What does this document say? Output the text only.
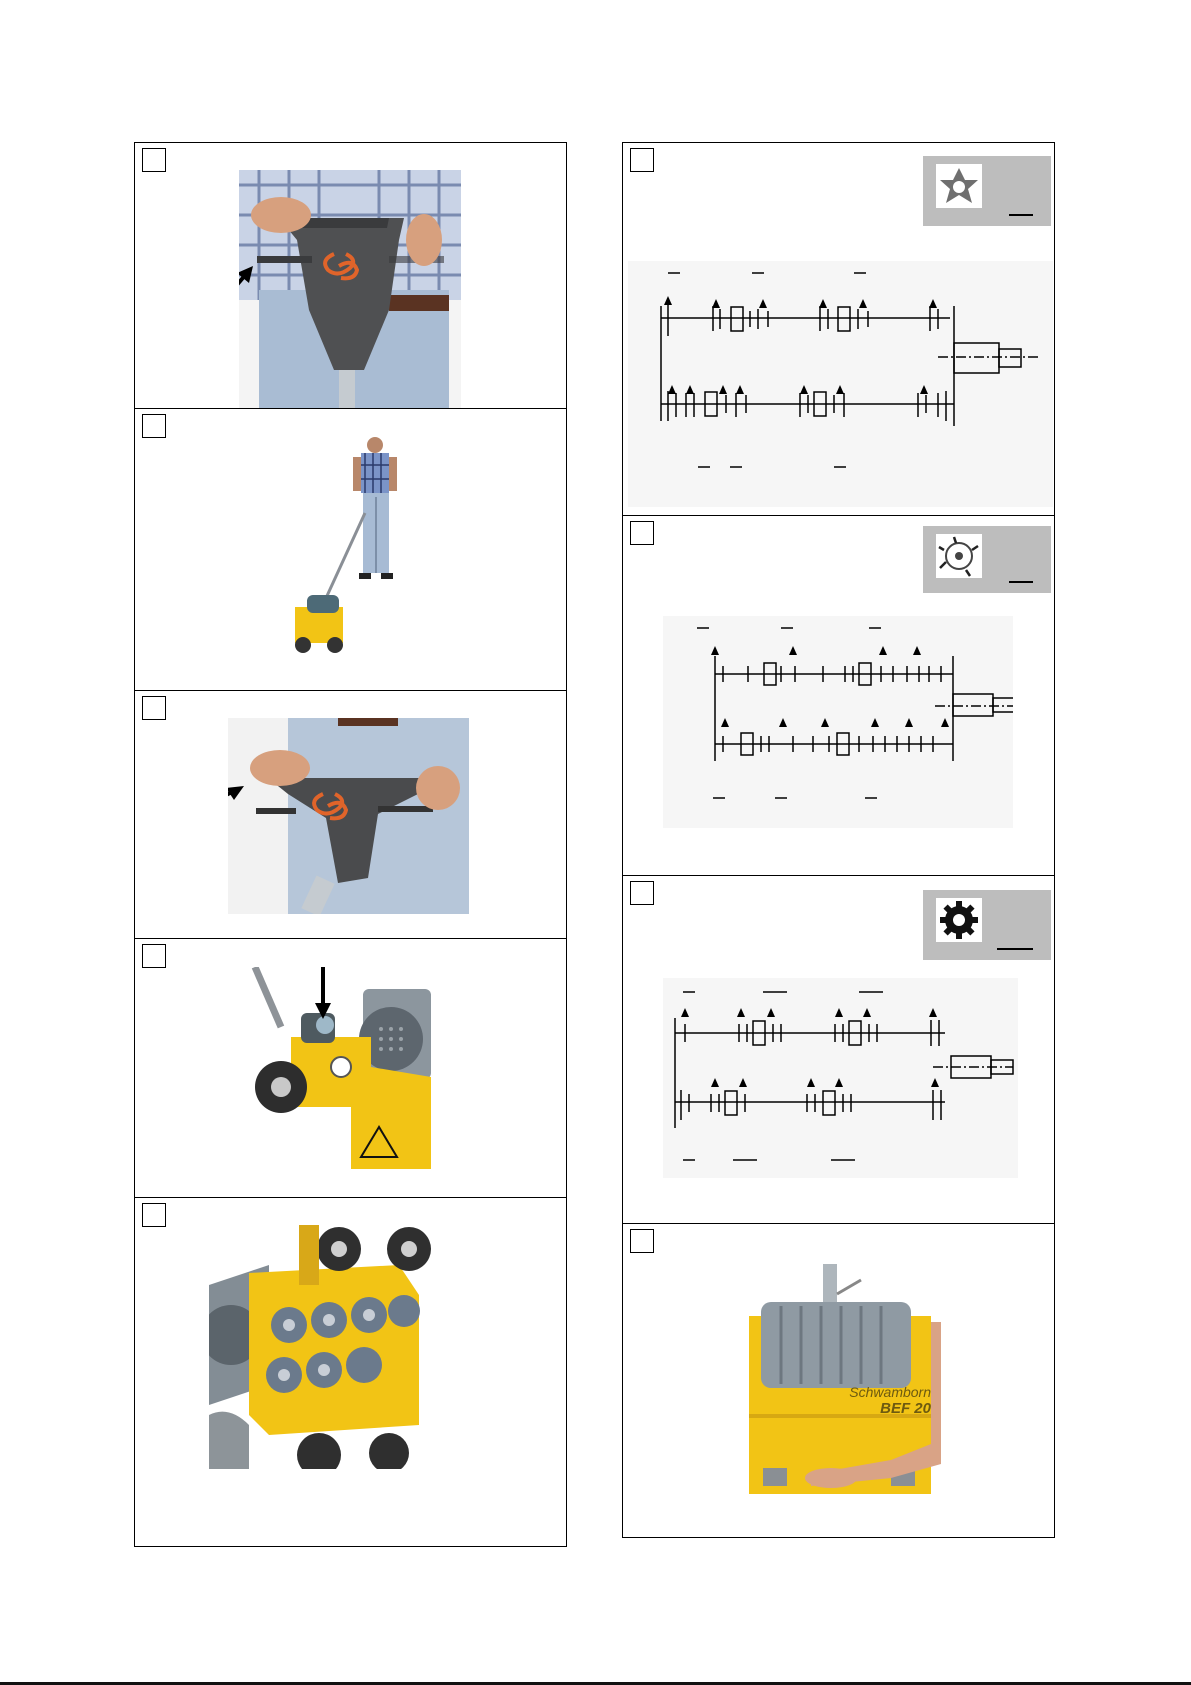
Schwamborn
BEF 20
